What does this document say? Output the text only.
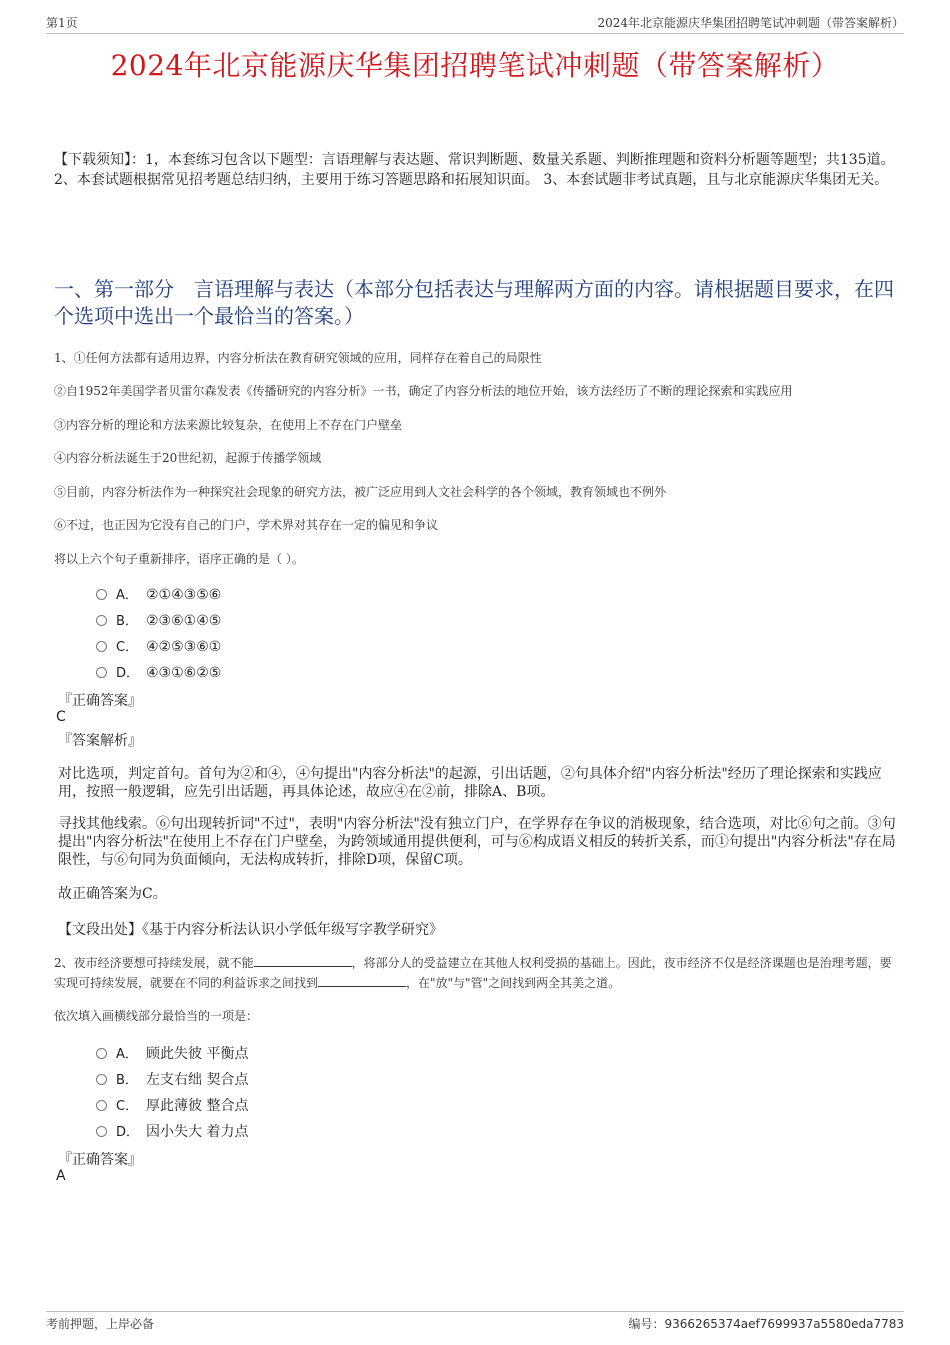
第1页	2024年北京能源庆华集团招聘笔试冲刺题（带答案解析）
2024年北京能源庆华集团招聘笔试冲刺题（带答案解析）
【下载须知】：1，本套练习包含以下题型：言语理解与表达题、常识判断题、数量关系题、判断推理题和资料分析题等题型；共135道。 2、本套试题根据常见招考题总结归纳，主要用于练习答题思路和拓展知识面。 3、本套试题非考试真题，且与北京能源庆华集团无关。
一、第一部分　言语理解与表达（本部分包括表达与理解两方面的内容。请根据题目要求，在四个选项中选出一个最恰当的答案。）
1、①任何方法都有适用边界，内容分析法在教育研究领域的应用，同样存在着自己的局限性
②自1952年美国学者贝雷尔森发表《传播研究的内容分析》一书，确定了内容分析法的地位开始，该方法经历了不断的理论探索和实践应用
③内容分析的理论和方法来源比较复杂，在使用上不存在门户壁垒
④内容分析法诞生于20世纪初，起源于传播学领域
⑤目前，内容分析法作为一种探究社会现象的研究方法，被广泛应用到人文社会科学的各个领域，教育领域也不例外
⑥不过，也正因为它没有自己的门户，学术界对其存在一定的偏见和争议
将以上六个句子重新排序，语序正确的是（ ）。
A． ②①④③⑤⑥
B． ②③⑥①④⑤
C． ④②⑤③⑥①
D． ④③①⑥②⑤
『正确答案』
C
『答案解析』
对比选项，判定首句。首句为②和④，④句提出"内容分析法"的起源，引出话题，②句具体介绍"内容分析法"经历了理论探索和实践应用，按照一般逻辑，应先引出话题，再具体论述，故应④在②前，排除A、B项。
寻找其他线索。⑥句出现转折词"不过"，表明"内容分析法"没有独立门户，在学界存在争议的消极现象，结合选项，对比⑥句之前。③句提出"内容分析法"在使用上不存在门户壁垒，为跨领域通用提供便利，可与⑥构成语义相反的转折关系，而①句提出"内容分析法"存在局限性，与⑥句同为负面倾向，无法构成转折，排除D项，保留C项。
故正确答案为C。
【文段出处】《基于内容分析法认识小学低年级写字教学研究》
2、夜市经济要想可持续发展，就不能	，将部分人的受益建立在其他人权利受损的基础上。因此，夜市经济不仅是经济课题也是治理考题，要实现可持续发展，就要在不同的利益诉求之间找到	，在"放"与"管"之间找到两全其美之道。
依次填入画横线部分最恰当的一项是：
A． 顾此失彼 平衡点
B． 左支右绌 契合点
C． 厚此薄彼 整合点
D． 因小失大 着力点
『正确答案』
A
考前押题，上岸必备	编号：9366265374aef7699937a5580eda7783
